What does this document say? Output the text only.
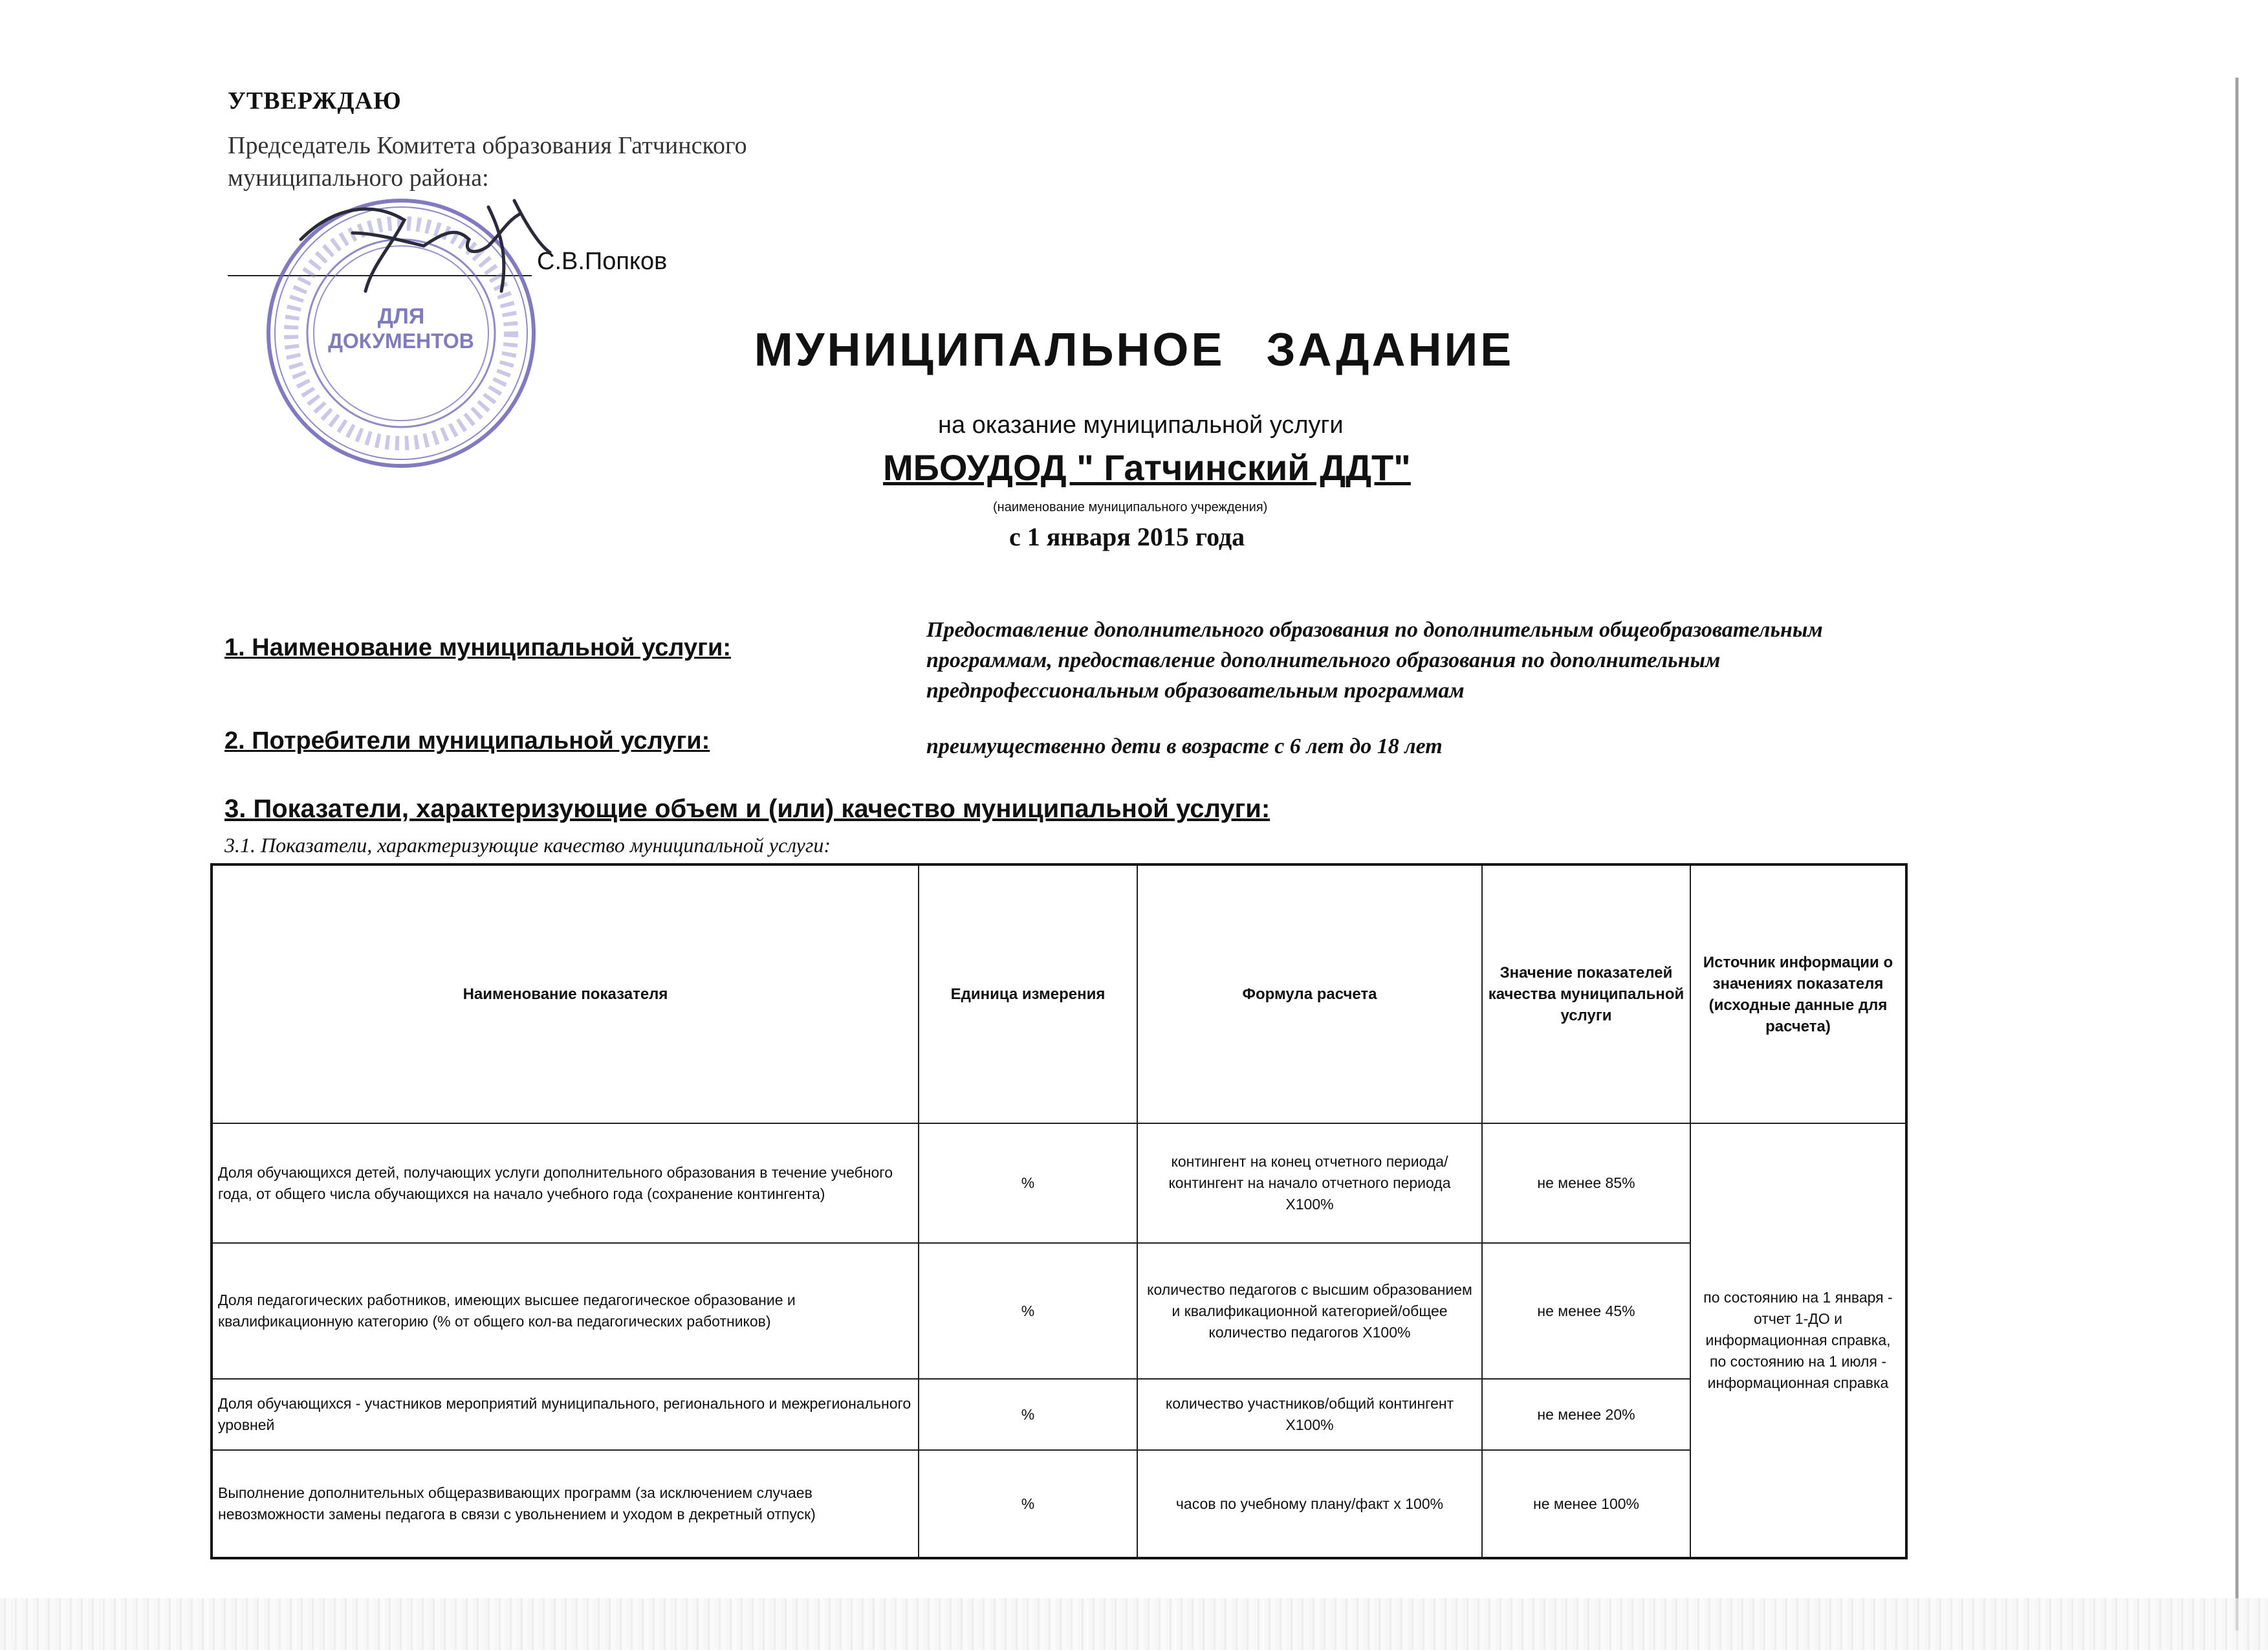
УТВЕРЖДАЮ
Председатель Комитета образования Гатчинского
муниципального района:
С.В.Попков
ДЛЯ
ДОКУМЕНТОВ	МУНИЦИПАЛЬНОЕ ЗАДАНИЕ
на оказание муниципальной услуги
МБОУДОД " Гатчинский ДДТ"
(наименование муниципального учреждения)
с 1 января 2015 года
1. Наименование муниципальной услуги:
Предоставление дополнительного образования по дополнительным общеобразовательным программам, предоставление дополнительного образования по дополнительным предпрофессиональным образовательным программам
2. Потребители муниципальной услуги:	преимущественно дети в возрасте с 6 лет до 18 лет
3. Показатели, характеризующие объем и (или) качество муниципальной услуги:
3.1. Показатели, характеризующие качество муниципальной услуги:
Наименование показателя	Единица измерения	Формула расчета	Значение показателей качества муниципальной услуги	Источник информации о значениях показателя (исходные данные для расчета)
Доля обучающихся детей, получающих услуги дополнительного образования в течение учебного года, от общего числа обучающихся на начало учебного года (сохранение контингента)	%	контингент на конец отчетного периода/контингент на начало отчетного периода Х100%	не менее 85%	по состоянию на 1 января - отчет 1-ДО и информационная справка, по состоянию на 1 июля - информационная справка
Доля педагогических работников, имеющих высшее педагогическое образование и квалификационную категорию (% от общего кол-ва педагогических работников)	%	количество педагогов с высшим образованием и квалификационной категорией/общее количество педагогов Х100%	не менее 45%	
Доля обучающихся - участников мероприятий муниципального, регионального и межрегионального уровней	%	количество участников/общий контингент Х100%	не менее 20%	
Выполнение дополнительных общеразвивающих программ (за исключением случаев невозможности замены педагога в связи с увольнением и уходом в декретный отпуск)	%	часов по учебному плану/факт х 100%	не менее 100%	
